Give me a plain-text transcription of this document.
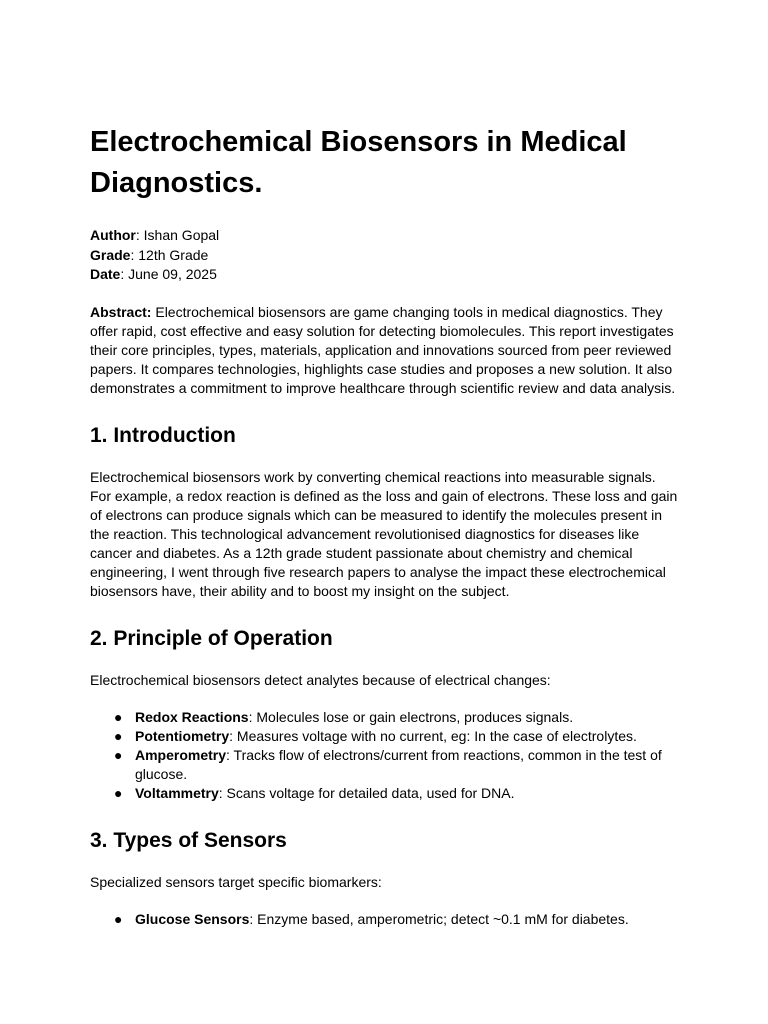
Electrochemical Biosensors in Medical Diagnostics.
Author: Ishan Gopal
Grade: 12th Grade
Date: June 09, 2025
Abstract: Electrochemical biosensors are game changing tools in medical diagnostics. They offer rapid, cost effective and easy solution for detecting biomolecules. This report investigates their core principles, types, materials, application and innovations sourced from peer reviewed papers. It compares technologies, highlights case studies and proposes a new solution. It also demonstrates a commitment to improve healthcare through scientific review and data analysis.
1. Introduction

Electrochemical biosensors work by converting chemical reactions into measurable signals. For example, a redox reaction is defined as the loss and gain of electrons. These loss and gain of electrons can produce signals which can be measured to identify the molecules present in the reaction. This technological advancement revolutionised diagnostics for diseases like cancer and diabetes. As a 12th grade student passionate about chemistry and chemical engineering, I went through five research papers to analyse the impact these electrochemical biosensors have, their ability and to boost my insight on the subject.

2. Principle of Operation

Electrochemical biosensors detect analytes because of electrical changes:

● Redox Reactions: Molecules lose or gain electrons, produces signals.
● Potentiometry: Measures voltage with no current, eg: In the case of electrolytes.
● Amperometry: Tracks flow of electrons/current from reactions, common in the test of glucose.
● Voltammetry: Scans voltage for detailed data, used for DNA.
3. Types of Sensors

Specialized sensors target specific biomarkers:

● Glucose Sensors: Enzyme based, amperometric; detect ~0.1 mM for diabetes.
